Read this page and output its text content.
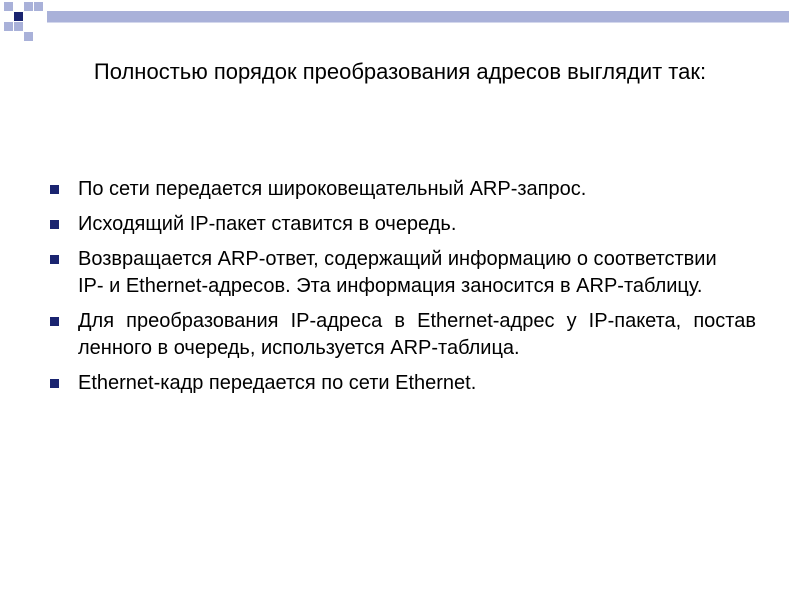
Полностью порядок преобразования адресов выглядит так:
По сети передается широковещательный ARP-запрос.
Исходящий IP-пакет ставится в очередь.
Возвращается ARP-ответ, содержащий информацию о соответствии IP- и Ethernet-адресов. Эта информация заносится в ARP-таблицу.
Для преобразования IP-адреса в Ethernet-адрес у IP-пакета, постав ленного в очередь, используется ARP-таблица.
Ethernet-кадр передается по сети Ethernet.
